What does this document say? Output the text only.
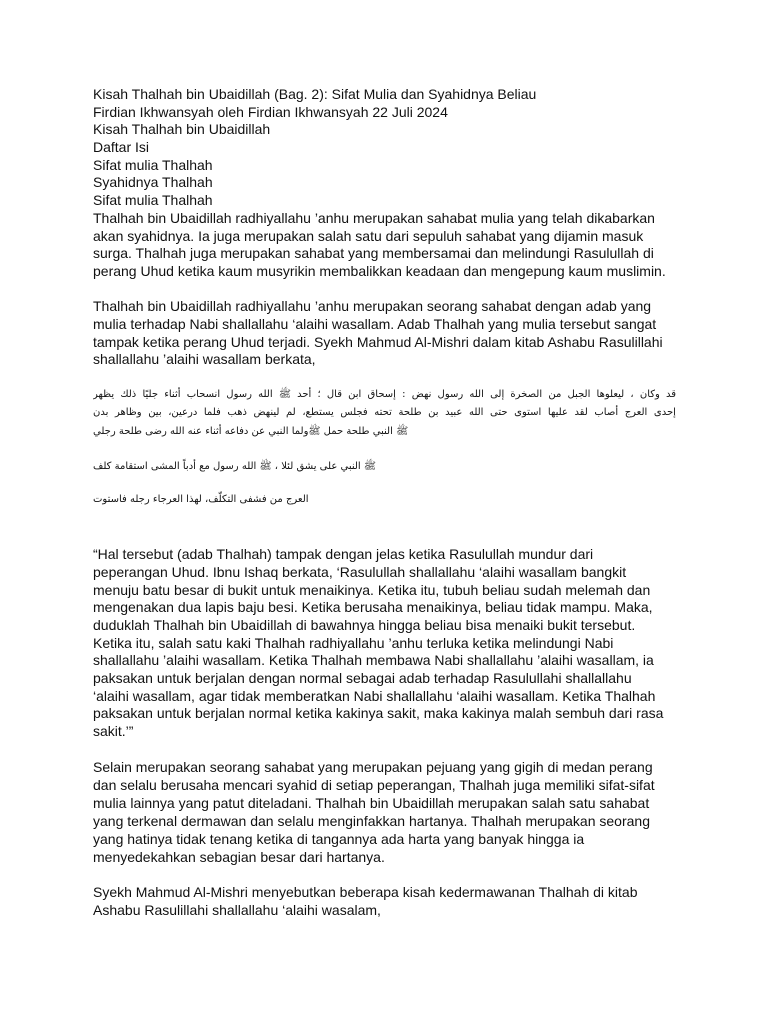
Kisah Thalhah bin Ubaidillah (Bag. 2): Sifat Mulia dan Syahidnya Beliau
Firdian Ikhwansyah oleh Firdian Ikhwansyah 22 Juli 2024
Kisah Thalhah bin Ubaidillah
Daftar Isi
Sifat mulia Thalhah
Syahidnya Thalhah
Sifat mulia Thalhah
Thalhah bin Ubaidillah radhiyallahu ’anhu merupakan sahabat mulia yang telah dikabarkan
akan syahidnya. Ia juga merupakan salah satu dari sepuluh sahabat yang dijamin masuk
surga. Thalhah juga merupakan sahabat yang membersamai dan melindungi Rasulullah di
perang Uhud ketika kaum musyrikin membalikkan keadaan dan mengepung kaum muslimin.
Thalhah bin Ubaidillah radhiyallahu ’anhu merupakan seorang sahabat dengan adab yang
mulia terhadap Nabi shallallahu ‘alaihi wasallam. Adab Thalhah yang mulia tersebut sangat
tampak ketika perang Uhud terjadi. Syekh Mahmud Al-Mishri dalam kitab Ashabu Rasulillahi
shallallahu ’alaihi wasallam berkata,
يظهر ذلك جليًا أثناء انسحاب رسول الله ﷺ أحد ؛ قال ابن إسحاق : نهض رسول الله إلى الصخرة من الجبل ليعلوها ، وكان قد
بدن وظاهر بين درعين، فلما ذهب لينهض لم يستطع، فجلس تحته طلحة بن عبيد الله حتى استوى عليها لقد أصاب العرج إحدى
رجلي طلحة رضى الله عنه أثناء دفاعه عن النبي ﷺولما حمل طلحة النبي ﷺ
كلف استقامة المشى أدباً مع رسول الله ﷺ ، لئلا يشق على النبي ﷺ
فاستوت رجله العرجاء لهذا التكلّف، فشفى من العرج
“Hal tersebut (adab Thalhah) tampak dengan jelas ketika Rasulullah mundur dari
peperangan Uhud. Ibnu Ishaq berkata, ‘Rasulullah shallallahu ‘alaihi wasallam bangkit
menuju batu besar di bukit untuk menaikinya. Ketika itu, tubuh beliau sudah melemah dan
mengenakan dua lapis baju besi. Ketika berusaha menaikinya, beliau tidak mampu. Maka,
duduklah Thalhah bin Ubaidillah di bawahnya hingga beliau bisa menaiki bukit tersebut.
Ketika itu, salah satu kaki Thalhah radhiyallahu ’anhu terluka ketika melindungi Nabi
shallallahu ’alaihi wasallam. Ketika Thalhah membawa Nabi shallallahu ’alaihi wasallam, ia
paksakan untuk berjalan dengan normal sebagai adab terhadap Rasulullahi shallallahu
‘alaihi wasallam, agar tidak memberatkan Nabi shallallahu ‘alaihi wasallam. Ketika Thalhah
paksakan untuk berjalan normal ketika kakinya sakit, maka kakinya malah sembuh dari rasa
sakit.’”
Selain merupakan seorang sahabat yang merupakan pejuang yang gigih di medan perang
dan selalu berusaha mencari syahid di setiap peperangan, Thalhah juga memiliki sifat-sifat
mulia lainnya yang patut diteladani. Thalhah bin Ubaidillah merupakan salah satu sahabat
yang terkenal dermawan dan selalu menginfakkan hartanya. Thalhah merupakan seorang
yang hatinya tidak tenang ketika di tangannya ada harta yang banyak hingga ia
menyedekahkan sebagian besar dari hartanya.
Syekh Mahmud Al-Mishri menyebutkan beberapa kisah kedermawanan Thalhah di kitab
Ashabu Rasulillahi shallallahu ‘alaihi wasalam,
